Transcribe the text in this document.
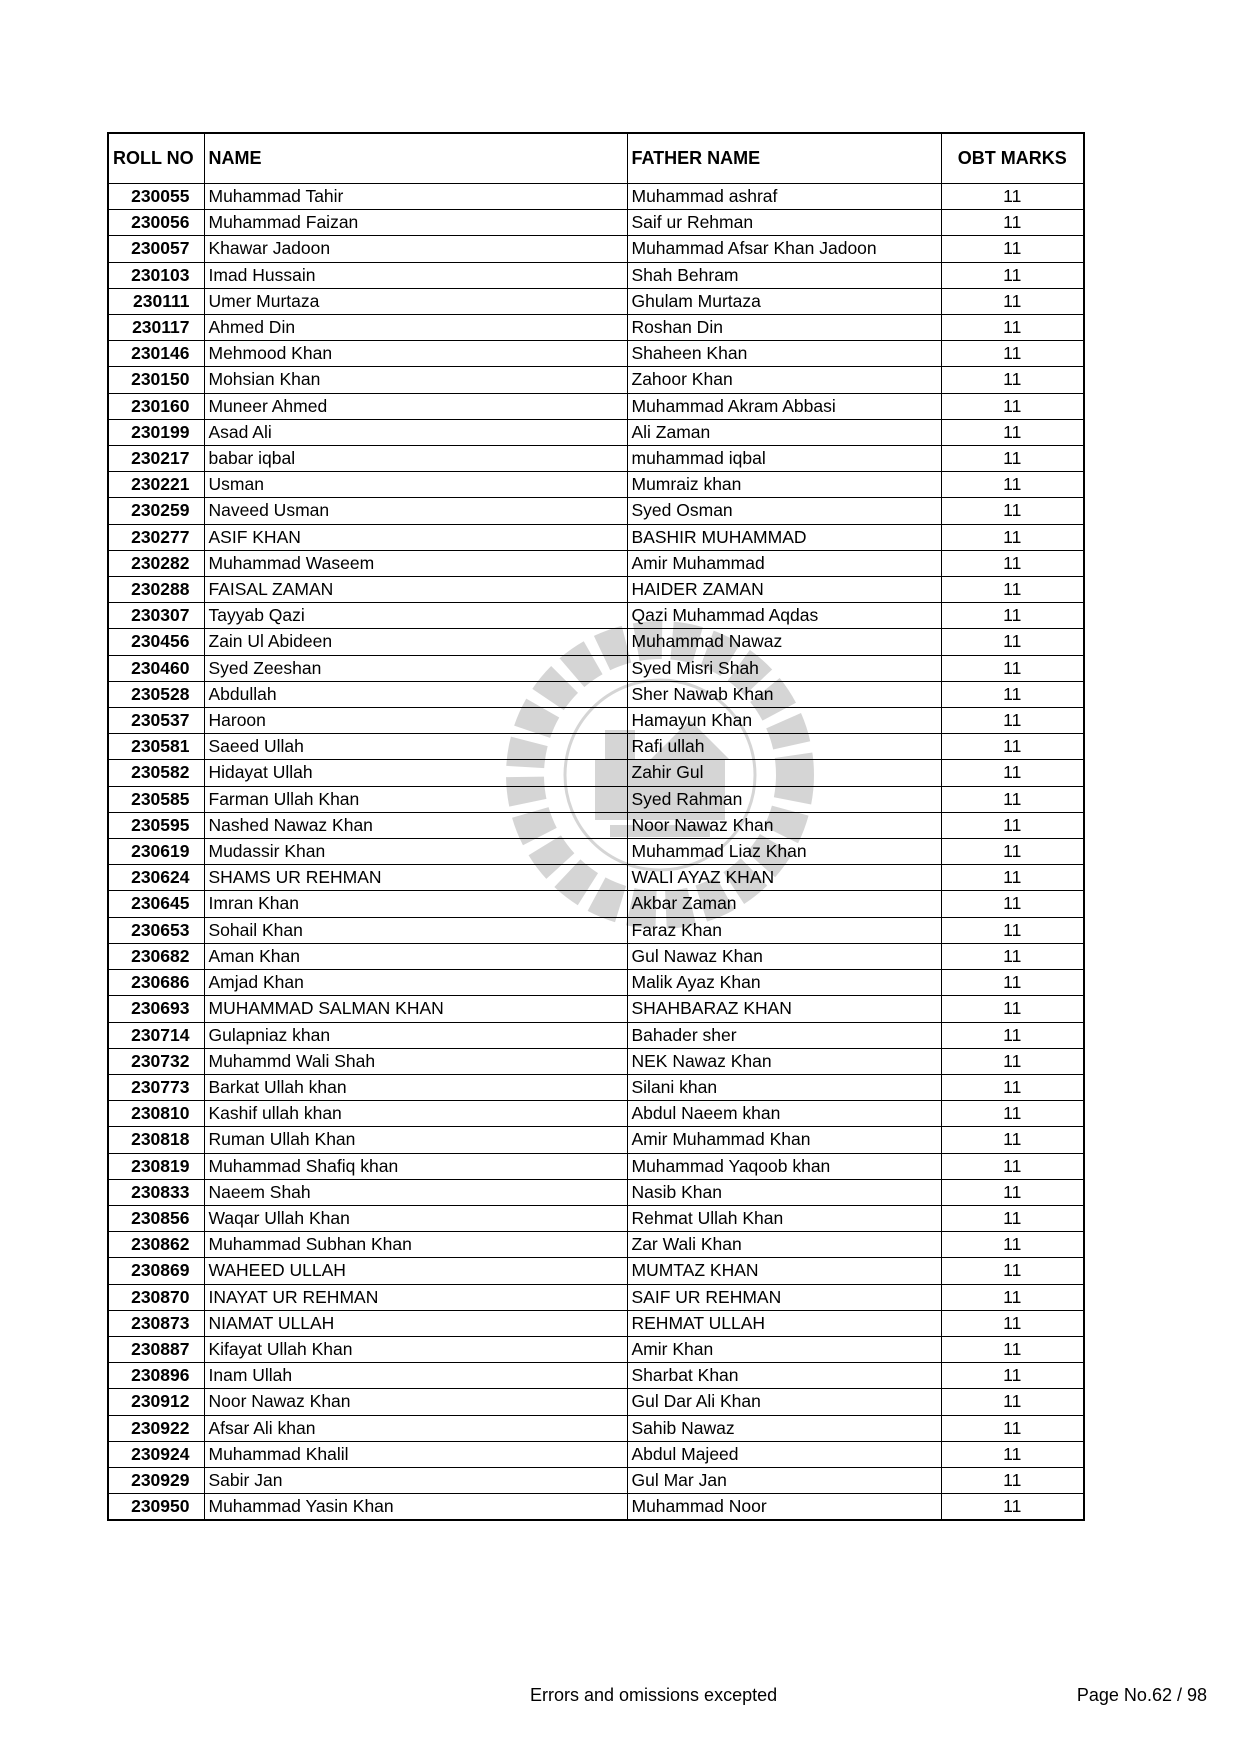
ROLL NO	NAME	FATHER NAME	OBT MARKS
230055	Muhammad Tahir	Muhammad ashraf	11
230056	Muhammad Faizan	Saif ur Rehman	11
230057	Khawar Jadoon	Muhammad Afsar Khan Jadoon	11
230103	Imad Hussain	Shah Behram	11
230111	Umer Murtaza	Ghulam Murtaza	11
230117	Ahmed Din	Roshan Din	11
230146	Mehmood Khan	Shaheen Khan	11
230150	Mohsian Khan	Zahoor Khan	11
230160	Muneer Ahmed	Muhammad Akram Abbasi	11
230199	Asad Ali	Ali Zaman	11
230217	babar iqbal	muhammad iqbal	11
230221	Usman	Mumraiz khan	11
230259	Naveed Usman	Syed Osman	11
230277	ASIF KHAN	BASHIR MUHAMMAD	11
230282	Muhammad Waseem	Amir Muhammad	11
230288	FAISAL ZAMAN	HAIDER ZAMAN	11
230307	Tayyab Qazi	Qazi Muhammad Aqdas	11
230456	Zain Ul Abideen	Muhammad Nawaz	11
230460	Syed Zeeshan	Syed Misri Shah	11
230528	Abdullah	Sher Nawab Khan	11
230537	Haroon	Hamayun Khan	11
230581	Saeed Ullah	Rafi ullah	11
230582	Hidayat Ullah	Zahir Gul	11
230585	Farman Ullah Khan	Syed Rahman	11
230595	Nashed Nawaz Khan	Noor Nawaz Khan	11
230619	Mudassir Khan	Muhammad Liaz Khan	11
230624	SHAMS UR REHMAN	WALI AYAZ KHAN	11
230645	Imran Khan	Akbar Zaman	11
230653	Sohail Khan	Faraz Khan	11
230682	Aman Khan	Gul Nawaz Khan	11
230686	Amjad Khan	Malik Ayaz Khan	11
230693	MUHAMMAD SALMAN KHAN	SHAHBARAZ KHAN	11
230714	Gulapniaz khan	Bahader sher	11
230732	Muhammd Wali Shah	NEK Nawaz Khan	11
230773	Barkat Ullah khan	Silani khan	11
230810	Kashif ullah khan	Abdul Naeem khan	11
230818	Ruman Ullah Khan	Amir Muhammad Khan	11
230819	Muhammad Shafiq khan	Muhammad Yaqoob khan	11
230833	Naeem Shah	Nasib Khan	11
230856	Waqar Ullah Khan	Rehmat Ullah Khan	11
230862	Muhammad Subhan Khan	Zar Wali Khan	11
230869	WAHEED ULLAH	MUMTAZ KHAN	11
230870	INAYAT UR REHMAN	SAIF UR REHMAN	11
230873	NIAMAT ULLAH	REHMAT ULLAH	11
230887	Kifayat Ullah Khan	Amir Khan	11
230896	Inam Ullah	Sharbat Khan	11
230912	Noor Nawaz Khan	Gul Dar Ali Khan	11
230922	Afsar Ali khan	Sahib Nawaz	11
230924	Muhammad Khalil	Abdul Majeed	11
230929	Sabir Jan	Gul Mar Jan	11
230950	Muhammad Yasin Khan	Muhammad Noor	11
Errors and omissions excepted	Page No.62 / 98
